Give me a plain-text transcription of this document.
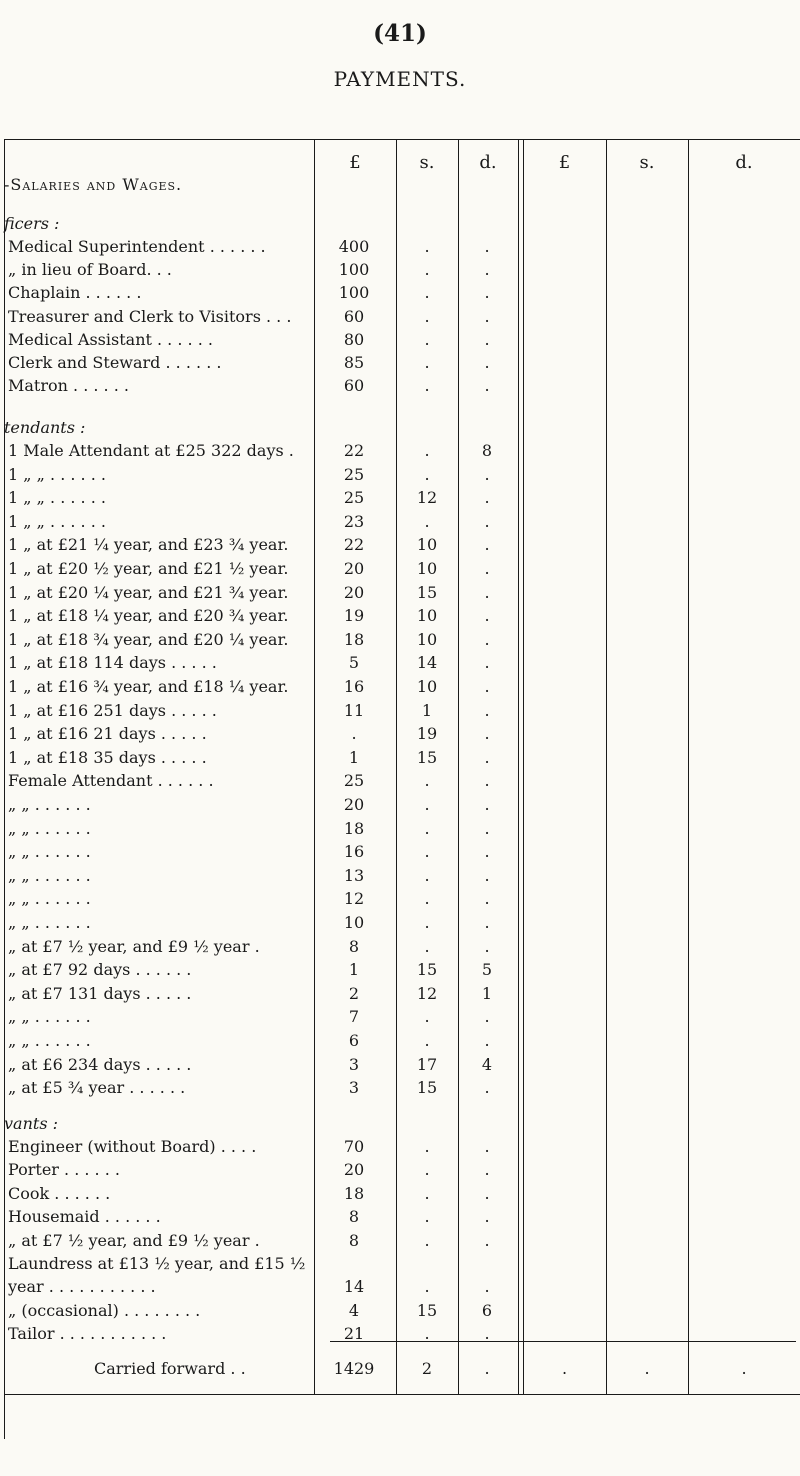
(41)
PAYMENTS.
£	s.	d.	£	s.	d.
-Salaries and Wages.
ficers :
Medical Superintendent . . . . . .	400	.	.
„ in lieu of Board. . .	100	.	.
Chaplain . . . . . .	100	.	.
Treasurer and Clerk to Visitors . . .	60	.	.
Medical Assistant . . . . . .	80	.	.
Clerk and Steward . . . . . .	85	.	.
Matron . . . . . .	60	.	.
tendants :
1 Male Attendant at £25 322 days .	22	.	8
1 „ „ . . . . . .	25	.	.
1 „ „ . . . . . .	25	12	.
1 „ „ . . . . . .	23	.	.
1 „ at £21 ¼ year, and £23 ¾ year.	22	10	.
1 „ at £20 ½ year, and £21 ½ year.	20	10	.
1 „ at £20 ¼ year, and £21 ¾ year.	20	15	.
1 „ at £18 ¼ year, and £20 ¾ year.	19	10	.
1 „ at £18 ¾ year, and £20 ¼ year.	18	10	.
1 „ at £18 114 days . . . . .	5	14	.
1 „ at £16 ¾ year, and £18 ¼ year.	16	10	.
1 „ at £16 251 days . . . . .	11	1	.
1 „ at £16 21 days . . . . .	.	19	.
1 „ at £18 35 days . . . . .	1	15	.
Female Attendant . . . . . .	25	.	.
„ „ . . . . . .	20	.	.
„ „ . . . . . .	18	.	.
„ „ . . . . . .	16	.	.
„ „ . . . . . .	13	.	.
„ „ . . . . . .	12	.	.
„ „ . . . . . .	10	.	.
„ at £7 ½ year, and £9 ½ year .	8	.	.
„ at £7 92 days . . . . . .	1	15	5
„ at £7 131 days . . . . .	2	12	1
„ „ . . . . . .	7	.	.
„ „ . . . . . .	6	.	.
„ at £6 234 days . . . . .	3	17	4
„ at £5 ¾ year . . . . . .	3	15	.
vants :
Engineer (without Board) . . . .	70	.	.
Porter . . . . . .	20	.	.
Cook . . . . . .	18	.	.
Housemaid . . . . . .	8	.	.
„ at £7 ½ year, and £9 ½ year .	8	.	.
Laundress at £13 ½ year, and £15 ½
year . . . . . . . . . . .	14	.	.
„ (occasional) . . . . . . . .	4	15	6
Tailor . . . . . . . . . . .	21	.	.
Carried forward . .	1429	2	.	.	.	.
